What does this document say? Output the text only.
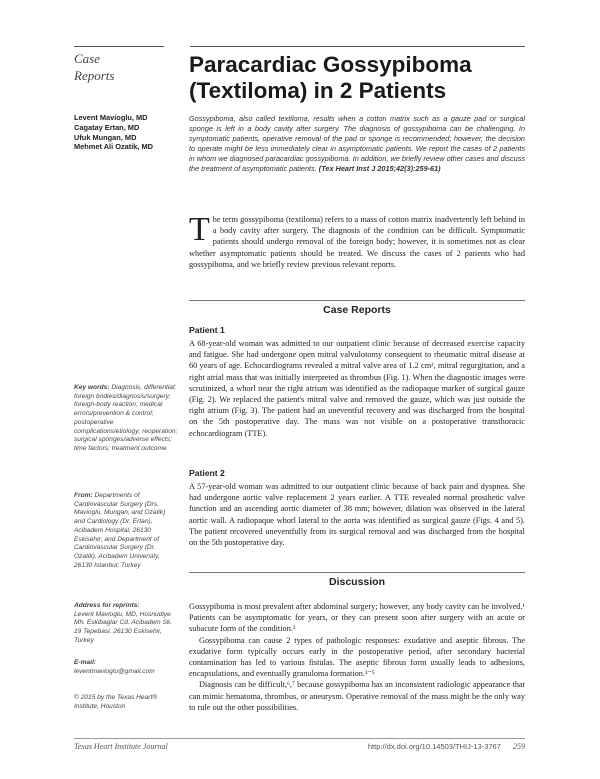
Case
Reports	Paracardiac Gossypiboma
(Textiloma) in 2 Patients
Levent Mavioglu, MD
Cagatay Ertan, MD
Ufuk Mungan, MD
Mehmet Ali Ozatik, MD
Gossypiboma, also called textiloma, results when a cotton matrix such as a gauze pad or surgical sponge is left in a body cavity after surgery. The diagnosis of gossypiboma can be challenging. In symptomatic patients, operative removal of the pad or sponge is recommended; however, the decision to operate might be less immediately clear in asymptomatic patients. We report the cases of 2 patients in whom we diagnosed paracardiac gossypiboma. In addition, we briefly review other cases and discuss the treatment of asymptomatic patients. (Tex Heart Inst J 2015;42(3):259-61)
The term gossypiboma (textiloma) refers to a mass of cotton matrix inadvertently left behind in a body cavity after surgery. The diagnosis of the condition can be difficult. Symptomatic patients should undergo removal of the foreign body; however, it is sometimes not as clear whether asymptomatic patients should be treated. We discuss the cases of 2 patients who had gossypiboma, and we briefly review previous relevant reports.
Case Reports
Patient 1

A 68-year-old woman was admitted to our outpatient clinic because of decreased exercise capacity and fatigue. She had undergone open mitral valvulotomy consequent to rheumatic mitral disease at 60 years of age. Echocardiograms revealed a mitral valve area of 1.2 cm², mitral regurgitation, and a right atrial mass that was initially interpreted as thrombus (Fig. 1). When the diagnostic images were scrutinized, a whorl near the right atrium was identified as the radiopaque marker of surgical gauze (Fig. 2). We replaced the patient's mitral valve and removed the gauze, which was just outside the right atrium (Fig. 3). The patient had an uneventful recovery and was discharged from the hospital on the 5th postoperative day. The mass was not visible on a postoperative transthoracic echocardiogram (TTE).

Patient 2

A 57-year-old woman was admitted to our outpatient clinic because of back pain and dyspnea. She had undergone aortic valve replacement 2 years earlier. A TTE revealed normal prosthetic valve function and an ascending aortic diameter of 38 mm; however, dilation was observed in the lateral aortic wall. A radiopaque whorl lateral to the aorta was identified as surgical gauze (Figs. 4 and 5). The patient recovered uneventfully from its surgical removal and was discharged from the hospital on the 5th postoperative day.

Discussion

Gossypiboma is most prevalent after abdominal surgery; however, any body cavity can be involved.¹ Patients can be asymptomatic for years, or they can present soon after surgery with an acute or subacute form of the condition.²

Gossypiboma can cause 2 types of pathologic responses: exudative and aseptic fibrous. The exudative form typically occurs early in the postoperative period, after secondary bacterial contamination has led to various fistulas. The aseptic fibrous form usually leads to adhesions, encapsulations, and eventually granuloma formation.³⁻⁵

Diagnosis can be difficult,⁶,⁷ because gossypiboma has an inconsistent radiologic appearance that can mimic hematoma, thrombus, or aneurysm. Operative removal of the mass might be the only way to rule out the other possibilities.

Key words: Diagnosis, differential; foreign bodies/diagnosis/surgery; foreign-body reaction; medical errors/prevention & control; postoperative complications/etiology; reoperation; surgical sponges/adverse effects; time factors; treatment outcome
From: Departments of Cardiovascular Surgery (Drs. Mavioglu, Mungan, and Ozatik) and Cardiology (Dr. Ertan), Acibadem Hospital, 26130 Eskisehir; and Department of Cardiovascular Surgery (Dr. Ozatik), Acibadem University, 26130 Istanbul; Turkey
Address for reprints:
Levent Mavioglu, MD, Hosnudiye Mh. Eskibaglar Cd. Acibadem Sk. 19 Tepebasi, 26130 Eskisehir, Turkey
E-mail: leventmavioglu@gmail.com
© 2015 by the Texas Heart® Institute, Houston
Texas Heart Institute Journal	http://dx.doi.org/10.14503/THIJ-13-3767 259
